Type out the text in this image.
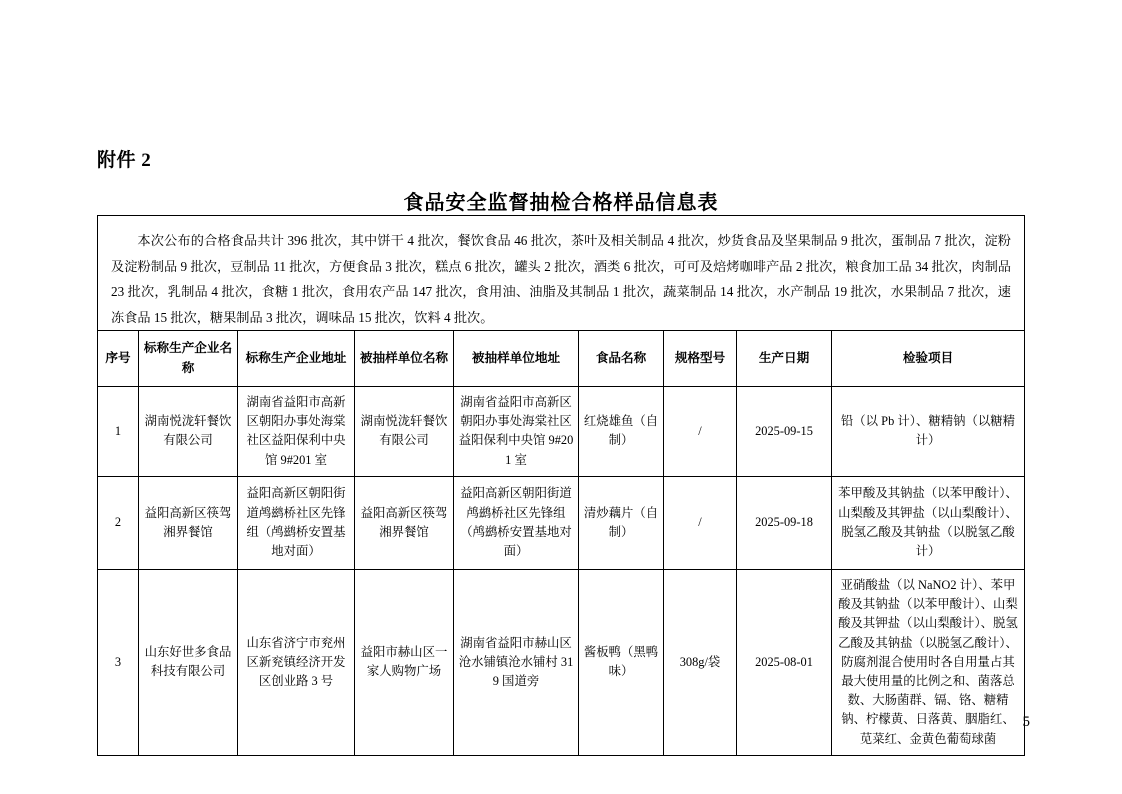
附件 2
食品安全监督抽检合格样品信息表

本次公布的合格食品共计 396 批次，其中饼干 4 批次，餐饮食品 46 批次，茶叶及相关制品 4 批次，炒货食品及坚果制品 9 批次，蛋制品 7 批次，淀粉及淀粉制品 9 批次，豆制品 11 批次，方便食品 3 批次，糕点 6 批次，罐头 2 批次，酒类 6 批次，可可及焙烤咖啡产品 2 批次，粮食加工品 34 批次，肉制品 23 批次，乳制品 4 批次，食糖 1 批次，食用农产品 147 批次，食用油、油脂及其制品 1 批次，蔬菜制品 14 批次，水产制品 19 批次，水果制品 7 批次，速冻食品 15 批次，糖果制品 3 批次，调味品 15 批次，饮料 4 批次。

序号	标称生产企业名称	标称生产企业地址	被抽样单位名称	被抽样单位地址	食品名称	规格型号	生产日期	检验项目
1	湖南悦泷轩餐饮有限公司	湖南省益阳市高新区朝阳办事处海棠社区益阳保利中央馆 9#201 室	湖南悦泷轩餐饮有限公司	湖南省益阳市高新区朝阳办事处海棠社区益阳保利中央馆 9#201 室	红烧雄鱼（自制）	/	2025-09-15	铅（以 Pb 计）、糖精钠（以糖精计）
2	益阳高新区筷驾湘界餐馆	益阳高新区朝阳街道鸬鹚桥社区先锋组（鸬鹚桥安置基地对面）	益阳高新区筷驾湘界餐馆	益阳高新区朝阳街道鸬鹚桥社区先锋组（鸬鹚桥安置基地对面）	清炒藕片（自制）	/	2025-09-18	苯甲酸及其钠盐（以苯甲酸计）、山梨酸及其钾盐（以山梨酸计）、脱氢乙酸及其钠盐（以脱氢乙酸计）
3	山东好世多食品科技有限公司	山东省济宁市兖州区新兖镇经济开发区创业路 3 号	益阳市赫山区一家人购物广场	湖南省益阳市赫山区沧水铺镇沧水铺村 319 国道旁	酱板鸭（黑鸭味）	308g/袋	2025-08-01	亚硝酸盐（以 NaNO2 计）、苯甲酸及其钠盐（以苯甲酸计）、山梨酸及其钾盐（以山梨酸计）、脱氢乙酸及其钠盐（以脱氢乙酸计）、防腐剂混合使用时各自用量占其最大使用量的比例之和、菌落总数、大肠菌群、镉、铬、糖精钠、柠檬黄、日落黄、胭脂红、苋菜红、金黄色葡萄球菌
5
